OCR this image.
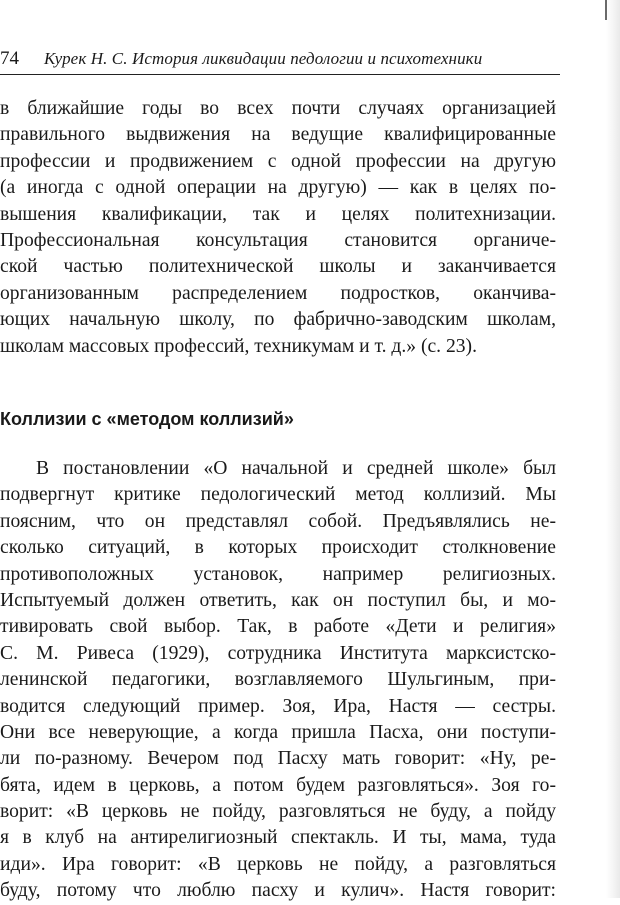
74 Курек Н. С. История ликвидации педологии и психотехники
в ближайшие годы во всех почти случаях организацией
правильного выдвижения на ведущие квалифицированные
профессии и продвижением с одной профессии на другую
(а иногда с одной операции на другую) — как в целях по-
вышения квалификации, так и целях политехнизации.
Профессиональная консультация становится органиче-
ской частью политехнической школы и заканчивается
организованным распределением подростков, оканчива-
ющих начальную школу, по фабрично-заводским школам,
школам массовых профессий, техникумам и т. д.» (с. 23).
Коллизии с «методом коллизий»
В постановлении «О начальной и средней школе» был
подвергнут критике педологический метод коллизий. Мы
поясним, что он представлял собой. Предъявлялись не-
сколько ситуаций, в которых происходит столкновение
противоположных установок, например религиозных.
Испытуемый должен ответить, как он поступил бы, и мо-
тивировать свой выбор. Так, в работе «Дети и религия»
С. М. Ривеса (1929), сотрудника Института марксистско-
ленинской педагогики, возглавляемого Шульгиным, при-
водится следующий пример. Зоя, Ира, Настя — сестры.
Они все неверующие, а когда пришла Пасха, они поступи-
ли по-разному. Вечером под Пасху мать говорит: «Ну, ре-
бята, идем в церковь, а потом будем разговляться». Зоя го-
ворит: «В церковь не пойду, разговляться не буду, а пойду
я в клуб на антирелигиозный спектакль. И ты, мама, туда
иди». Ира говорит: «В церковь не пойду, а разговляться
буду, потому что люблю пасху и кулич». Настя говорит:
